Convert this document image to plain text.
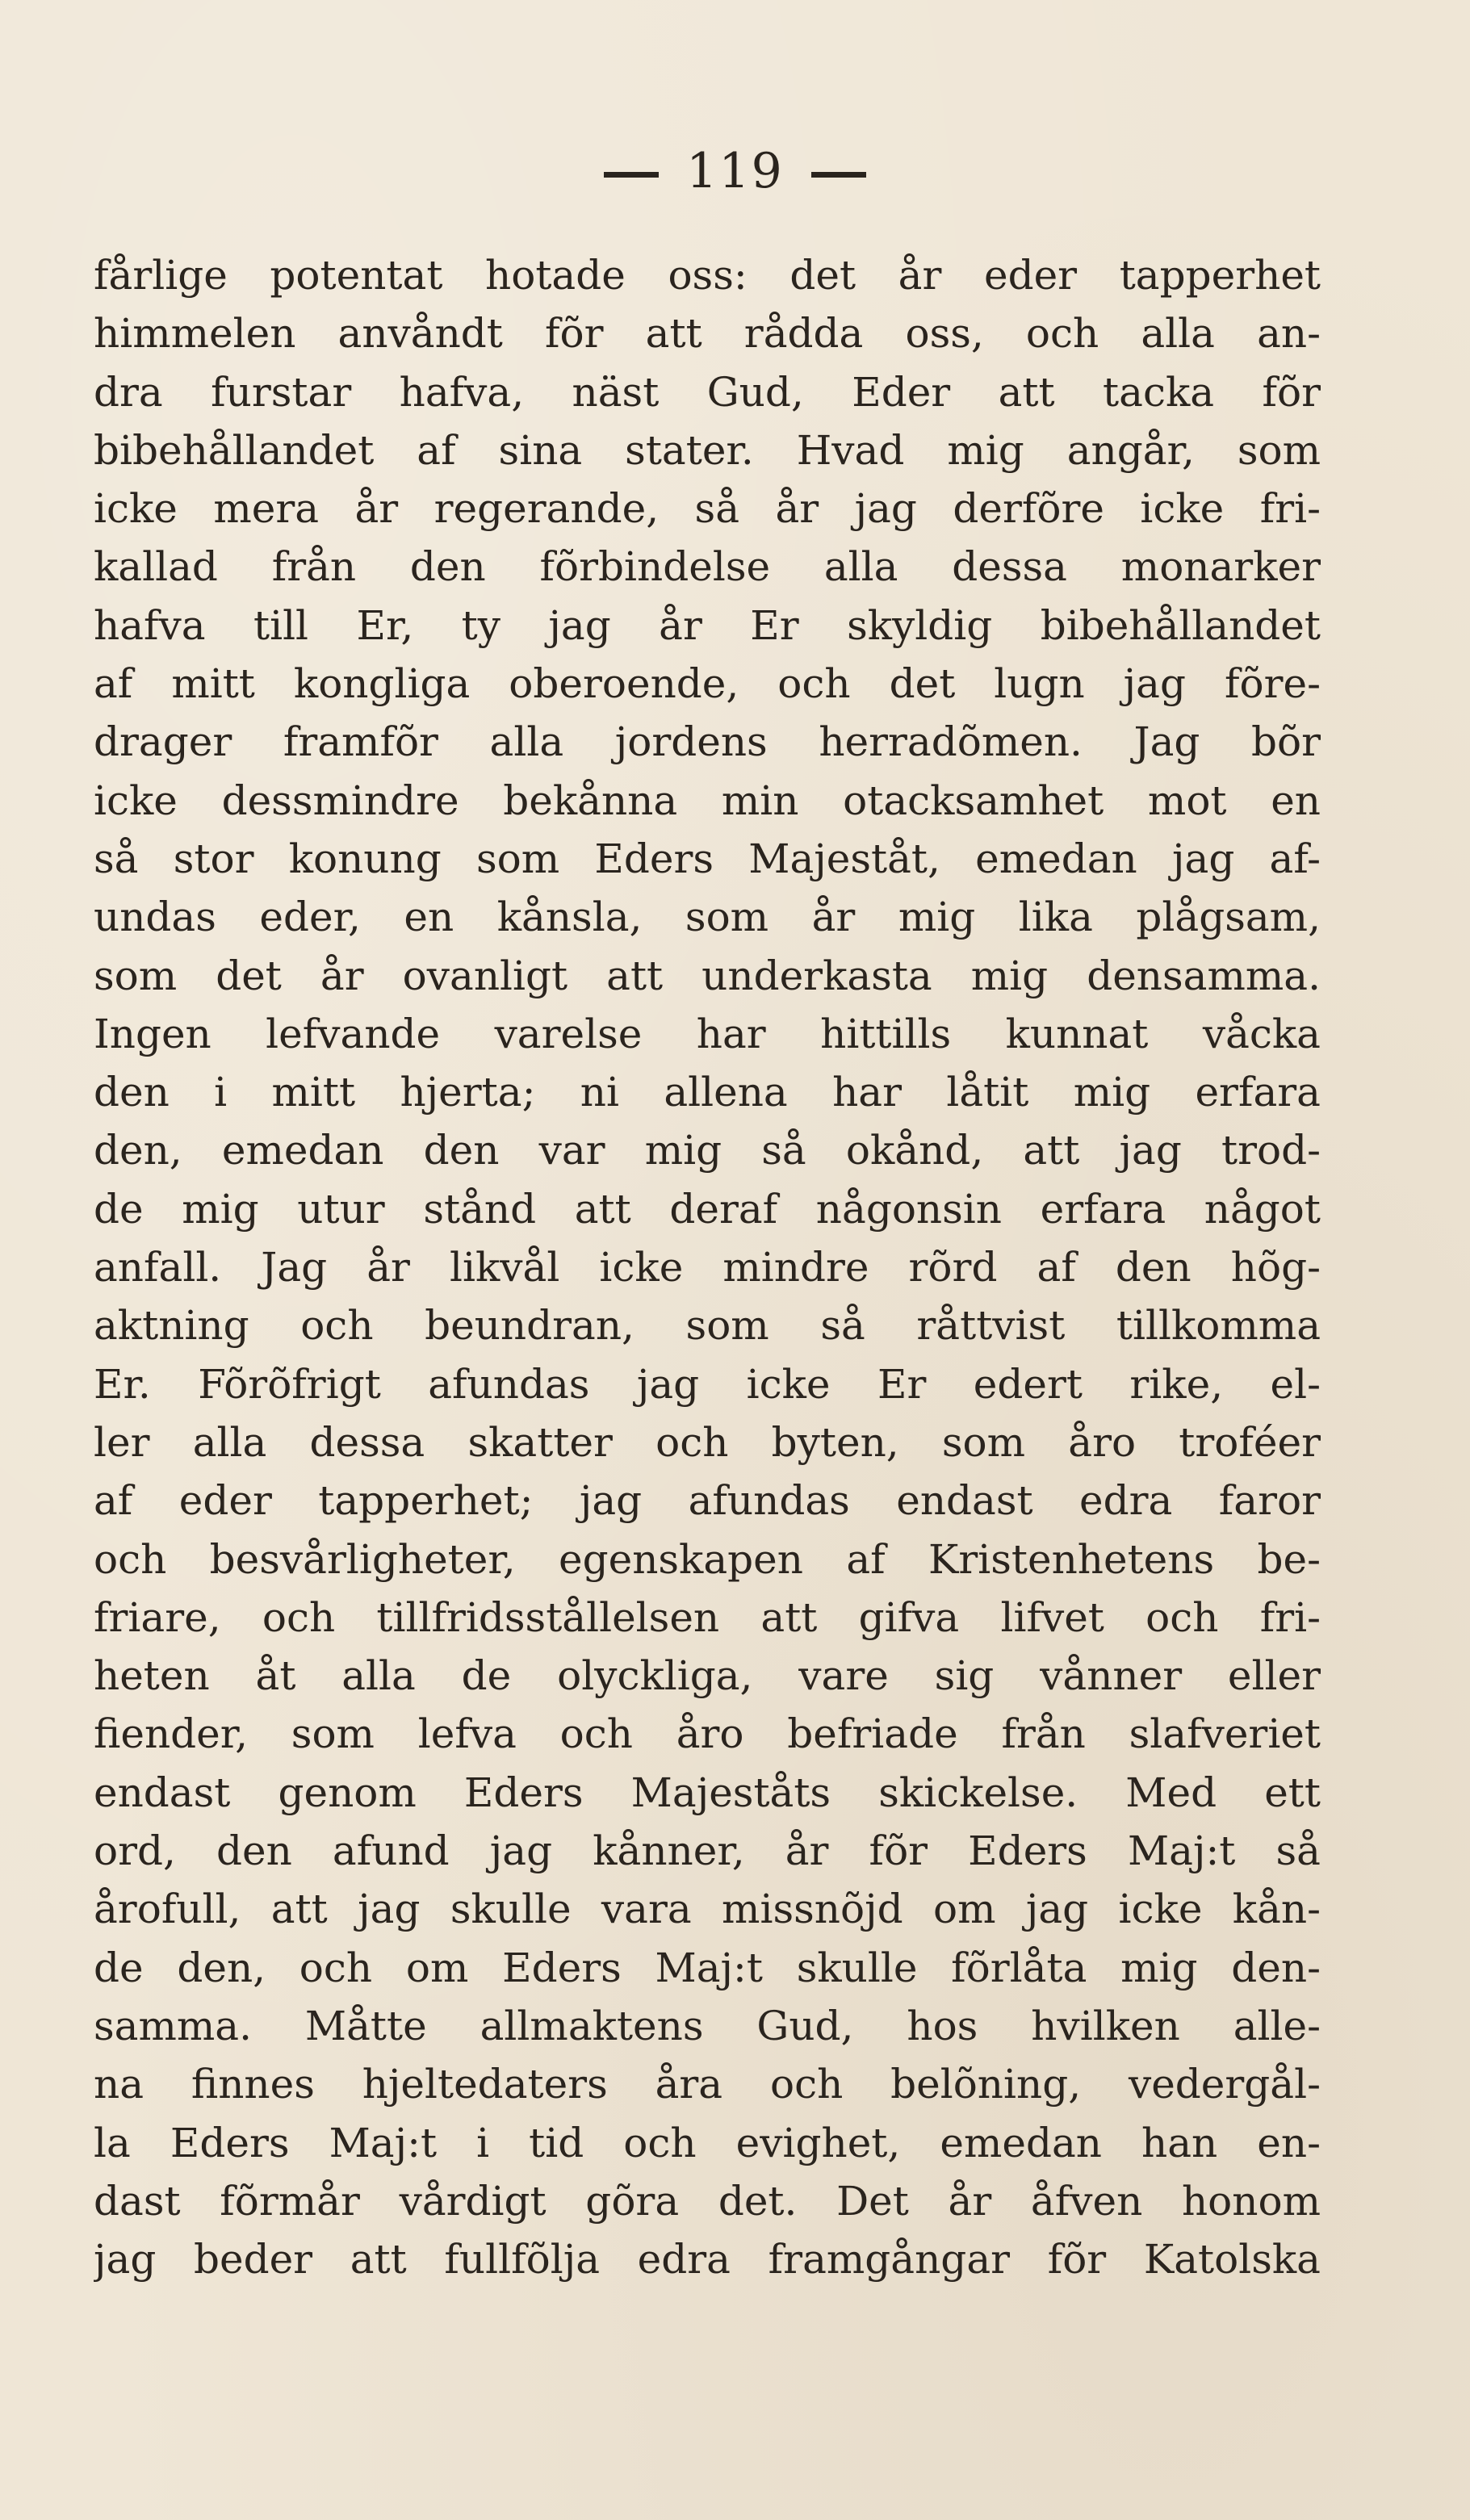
119
fårlige potentat hotade oss: det år eder tapperhet
himmelen anvåndt fõr att rådda oss, och alla an-
dra furstar hafva, näst Gud, Eder att tacka fõr
bibehållandet af sina stater. Hvad mig angår, som
icke mera år regerande, så år jag derfõre icke fri-
kallad från den fõrbindelse alla dessa monarker
hafva till Er, ty jag år Er skyldig bibehållandet
af mitt kongliga oberoende, och det lugn jag fõre-
drager framfõr alla jordens herradõmen. Jag bõr
icke dessmindre bekånna min otacksamhet mot en
så stor konung som Eders Majeståt, emedan jag af-
undas eder, en kånsla, som år mig lika plågsam,
som det år ovanligt att underkasta mig densamma.
Ingen lefvande varelse har hittills kunnat våcka
den i mitt hjerta; ni allena har låtit mig erfara
den, emedan den var mig så okånd, att jag trod-
de mig utur stånd att deraf någonsin erfara något
anfall. Jag år likvål icke mindre rõrd af den hõg-
aktning och beundran, som så råttvist tillkomma
Er. Fõrõfrigt afundas jag icke Er edert rike, el-
ler alla dessa skatter och byten, som åro troféer
af eder tapperhet; jag afundas endast edra faror
och besvårligheter, egenskapen af Kristenhetens be-
friare, och tillfridsstållelsen att gifva lifvet och fri-
heten åt alla de olyckliga, vare sig vånner eller
fiender, som lefva och åro befriade från slafveriet
endast genom Eders Majeståts skickelse. Med ett
ord, den afund jag kånner, år fõr Eders Maj:t så
årofull, att jag skulle vara missnõjd om jag icke kån-
de den, och om Eders Maj:t skulle fõrlåta mig den-
samma. Måtte allmaktens Gud, hos hvilken alle-
na finnes hjeltedaters åra och belõning, vedergål-
la Eders Maj:t i tid och evighet, emedan han en-
dast fõrmår vårdigt gõra det. Det år åfven honom
jag beder att fullfõlja edra framgångar fõr Katolska
